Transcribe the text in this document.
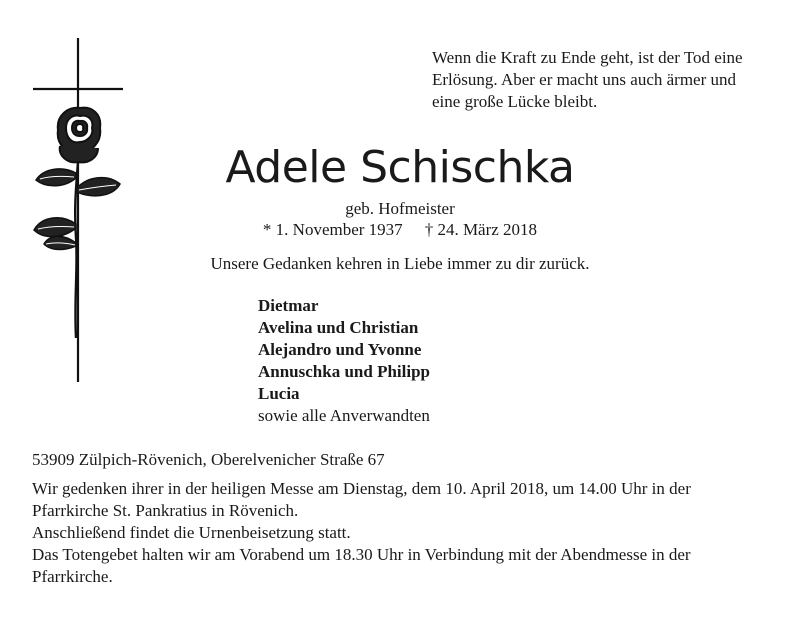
Wenn die Kraft zu Ende geht, ist der Tod eine
Erlösung. Aber er macht uns auch ärmer und
eine große Lücke bleibt.
Adele Schischka
geb. Hofmeister
* 1. November 1937 † 24. März 2018
Unsere Gedanken kehren in Liebe immer zu dir zurück.
Dietmar
Avelina und Christian
Alejandro und Yvonne
Annuschka und Philipp
Lucia
sowie alle Anverwandten
53909 Zülpich-Rövenich, Oberelvenicher Straße 67
Wir gedenken ihrer in der heiligen Messe am Dienstag, dem 10. April 2018, um 14.00 Uhr in der
Pfarrkirche St. Pankratius in Rövenich.
Anschließend findet die Urnenbeisetzung statt.
Das Totengebet halten wir am Vorabend um 18.30 Uhr in Verbindung mit der Abendmesse in der
Pfarrkirche.
